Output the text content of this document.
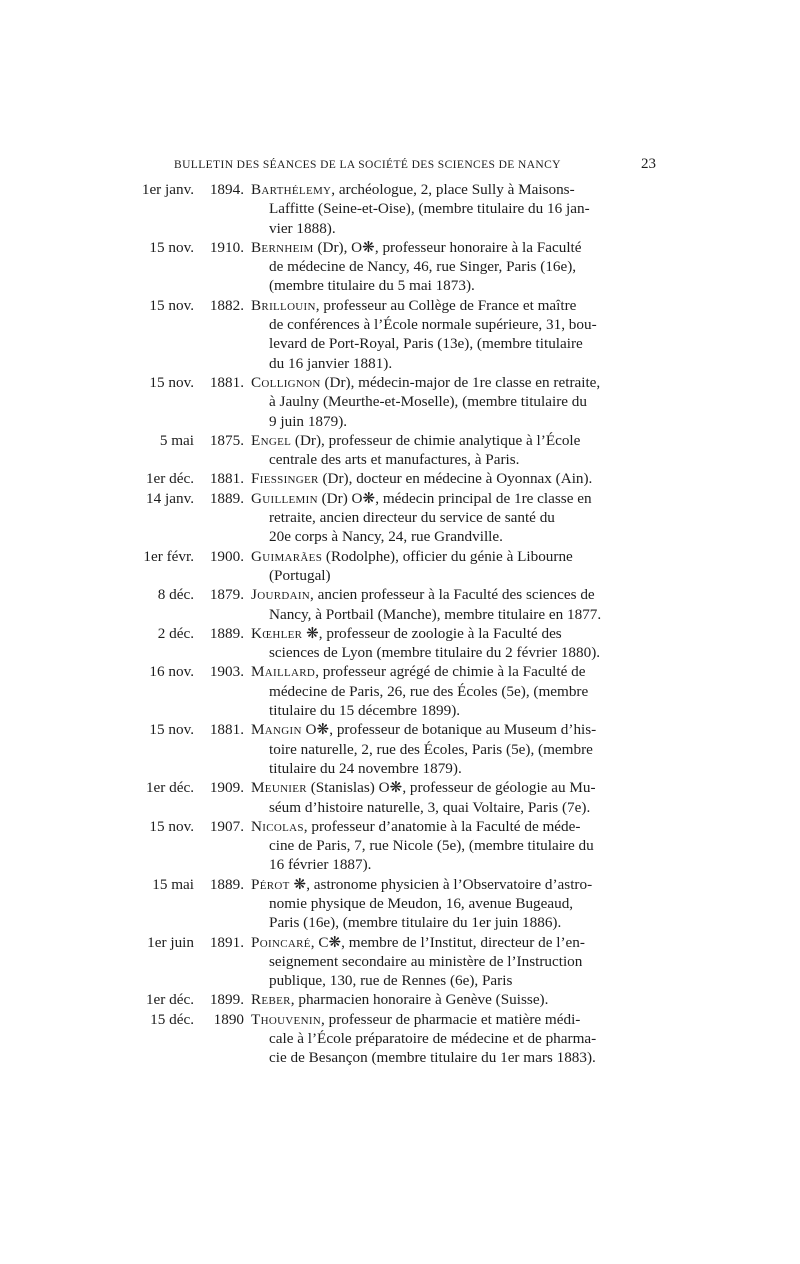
BULLETIN DES SÉANCES DE LA SOCIÉTÉ DES SCIENCES DE NANCY	23
1er janv.	1894. Barthélemy, archéologue, 2, place Sully à Maisons-
Laffitte (Seine-et-Oise), (membre titulaire du 16 jan-
vier 1888).
15 nov.	1910. Bernheim (Dr), O❋, professeur honoraire à la Faculté
de médecine de Nancy, 46, rue Singer, Paris (16e),
(membre titulaire du 5 mai 1873).
15 nov.	1882. Brillouin, professeur au Collège de France et maître
de conférences à l’École normale supérieure, 31, bou-
levard de Port-Royal, Paris (13e), (membre titulaire
du 16 janvier 1881).
15 nov.	1881. Collignon (Dr), médecin-major de 1re classe en retraite,
à Jaulny (Meurthe-et-Moselle), (membre titulaire du
9 juin 1879).
5 mai	1875. Engel (Dr), professeur de chimie analytique à l’École
centrale des arts et manufactures, à Paris.
1er déc.	1881. Fiessinger (Dr), docteur en médecine à Oyonnax (Ain).
14 janv.	1889. Guillemin (Dr) O❋, médecin principal de 1re classe en
retraite, ancien directeur du service de santé du
20e corps à Nancy, 24, rue Grandville.
1er févr.	1900. Guimarães (Rodolphe), officier du génie à Libourne
(Portugal)
8 déc.	1879. Jourdain, ancien professeur à la Faculté des sciences de
Nancy, à Portbail (Manche), membre titulaire en 1877.
2 déc.	1889. Kœhler ❋, professeur de zoologie à la Faculté des
sciences de Lyon (membre titulaire du 2 février 1880).
16 nov.	1903. Maillard, professeur agrégé de chimie à la Faculté de
médecine de Paris, 26, rue des Écoles (5e), (membre
titulaire du 15 décembre 1899).
15 nov.	1881. Mangin O❋, professeur de botanique au Museum d’his-
toire naturelle, 2, rue des Écoles, Paris (5e), (membre
titulaire du 24 novembre 1879).
1er déc.	1909. Meunier (Stanislas) O❋, professeur de géologie au Mu-
séum d’histoire naturelle, 3, quai Voltaire, Paris (7e).
15 nov.	1907. Nicolas, professeur d’anatomie à la Faculté de méde-
cine de Paris, 7, rue Nicole (5e), (membre titulaire du
16 février 1887).
15 mai	1889. Pérot ❋, astronome physicien à l’Observatoire d’astro-
nomie physique de Meudon, 16, avenue Bugeaud,
Paris (16e), (membre titulaire du 1er juin 1886).
1er juin	1891. Poincaré, C❋, membre de l’Institut, directeur de l’en-
seignement secondaire au ministère de l’Instruction
publique, 130, rue de Rennes (6e), Paris
1er déc.	1899. Reber, pharmacien honoraire à Genève (Suisse).
15 déc.	1890 Thouvenin, professeur de pharmacie et matière médi-
cale à l’École préparatoire de médecine et de pharma-
cie de Besançon (membre titulaire du 1er mars 1883).
